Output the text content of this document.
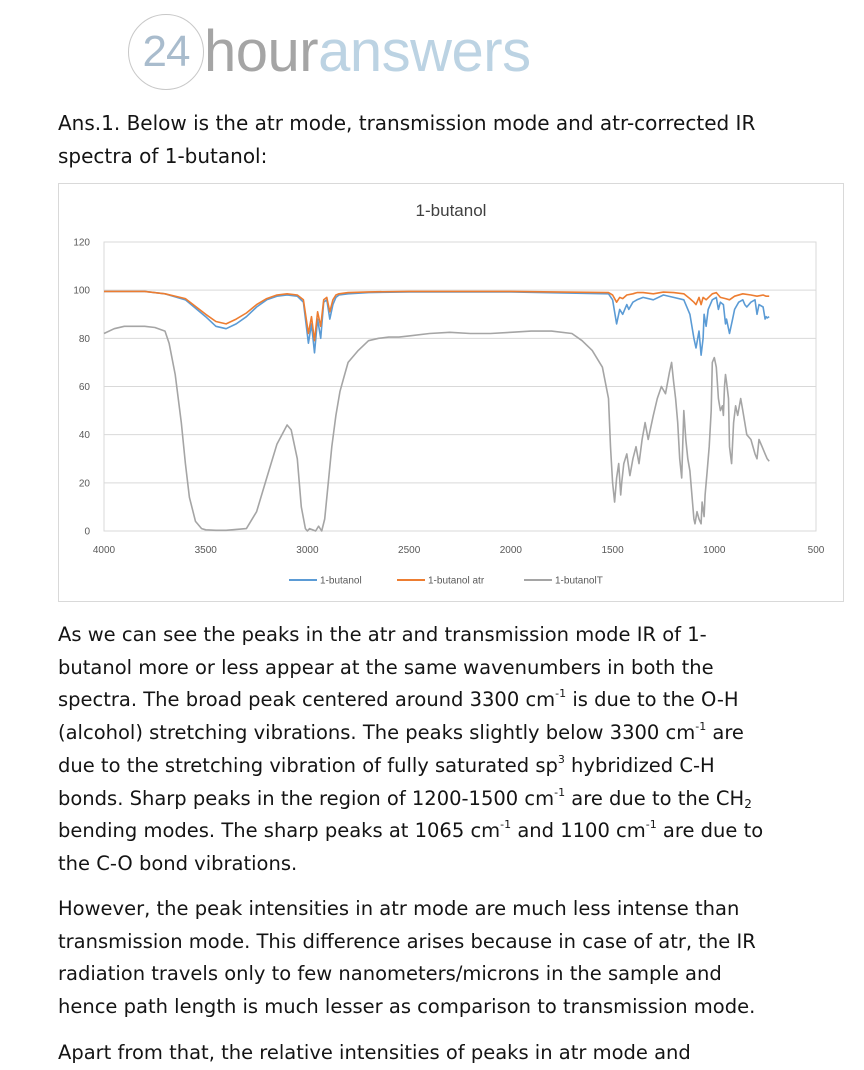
24 houranswers

Ans.1. Below is the atr mode, transmission mode and atr-corrected IR
spectra of 1-butanol:

0
20
40
60
80
100
120
4000	3500	3000	2500	2000	1500	1000	500
1-butanol
1-butanol	1-butanol atr	1-butanolT

As we can see the peaks in the atr and transmission mode IR of 1-
butanol more or less appear at the same wavenumbers in both the
spectra. The broad peak centered around 3300 $cm^{-1}$ is due to the O-H
(alcohol) stretching vibrations. The peaks slightly below 3300 $cm^{-1}$ are
due to the stretching vibration of fully saturated $sp^3$ hybridized C-H
bonds. Sharp peaks in the region of 1200-1500 $cm^{-1}$ are due to the $CH_2$
bending modes. The sharp peaks at 1065 $cm^{-1}$ and 1100 $cm^{-1}$ are due to
the C-O bond vibrations.

However, the peak intensities in atr mode are much less intense than
transmission mode. This difference arises because in case of atr, the IR
radiation travels only to few nanometers/microns in the sample and
hence path length is much lesser as comparison to transmission mode.

Apart from that, the relative intensities of peaks in atr mode and
